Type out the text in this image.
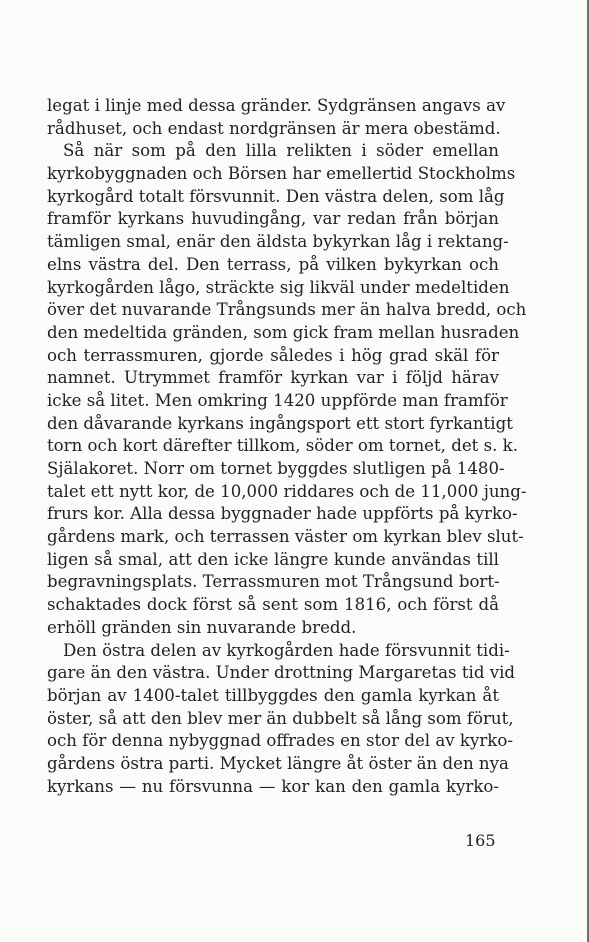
legat i linje med dessa gränder. Sydgränsen angavs av
rådhuset, och endast nordgränsen är mera obestämd.
Så när som på den lilla relikten i söder emellan
kyrkobyggnaden och Börsen har emellertid Stockholms
kyrkogård totalt försvunnit. Den västra delen, som låg
framför kyrkans huvudingång, var redan från början
tämligen smal, enär den äldsta bykyrkan låg i rektang-
elns västra del. Den terrass, på vilken bykyrkan och
kyrkogården lågo, sträckte sig likväl under medeltiden
över det nuvarande Trångsunds mer än halva bredd, och
den medeltida gränden, som gick fram mellan husraden
och terrassmuren, gjorde således i hög grad skäl för
namnet. Utrymmet framför kyrkan var i följd härav
icke så litet. Men omkring 1420 uppförde man framför
den dåvarande kyrkans ingångsport ett stort fyrkantigt
torn och kort därefter tillkom, söder om tornet, det s. k.
Själakoret. Norr om tornet byggdes slutligen på 1480-
talet ett nytt kor, de 10,000 riddares och de 11,000 jung-
frurs kor. Alla dessa byggnader hade uppförts på kyrko-
gårdens mark, och terrassen väster om kyrkan blev slut-
ligen så smal, att den icke längre kunde användas till
begravningsplats. Terrassmuren mot Trångsund bort-
schaktades dock först så sent som 1816, och först då
erhöll gränden sin nuvarande bredd.
Den östra delen av kyrkogården hade försvunnit tidi-
gare än den västra. Under drottning Margaretas tid vid
början av 1400-talet tillbyggdes den gamla kyrkan åt
öster, så att den blev mer än dubbelt så lång som förut,
och för denna nybyggnad offrades en stor del av kyrko-
gårdens östra parti. Mycket längre åt öster än den nya
kyrkans — nu försvunna — kor kan den gamla kyrko-
165
